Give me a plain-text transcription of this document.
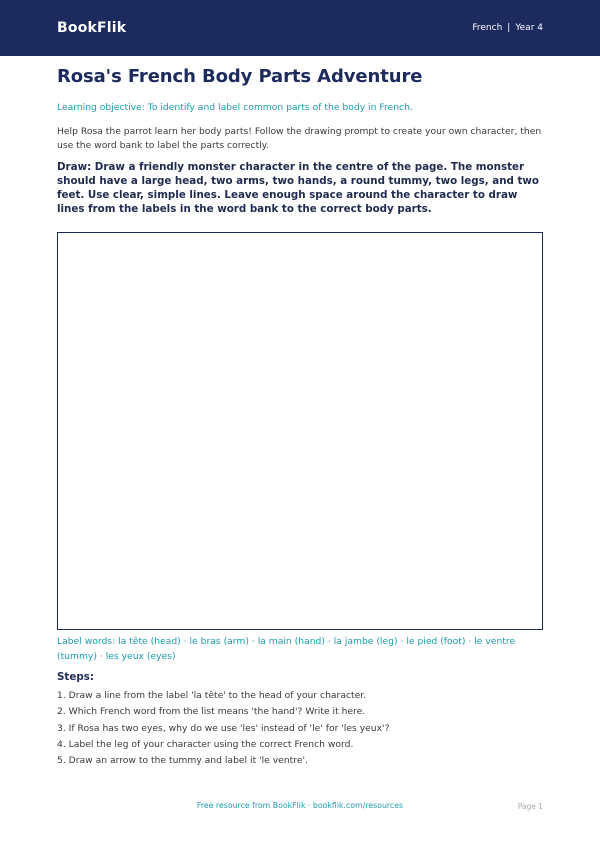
BookFlik	French | Year 4
Rosa's French Body Parts Adventure

Learning objective: To identify and label common parts of the body in French.

Help Rosa the parrot learn her body parts! Follow the drawing prompt to create your own character, then use the word bank to label the parts correctly.

Draw: Draw a friendly monster character in the centre of the page. The monster should have a large head, two arms, two hands, a round tummy, two legs, and two feet. Use clear, simple lines. Leave enough space around the character to draw lines from the labels in the word bank to the correct body parts.

Label words: la tête (head) · le bras (arm) · la main (hand) · la jambe (leg) · le pied (foot) · le ventre (tummy) · les yeux (eyes)

Steps:
1. Draw a line from the label 'la tête' to the head of your character.
2. Which French word from the list means 'the hand'? Write it here.
3. If Rosa has two eyes, why do we use 'les' instead of 'le' for 'les yeux'?
4. Label the leg of your character using the correct French word.
5. Draw an arrow to the tummy and label it 'le ventre'.
Free resource from BookFlik · bookflik.com/resources	Page 1
